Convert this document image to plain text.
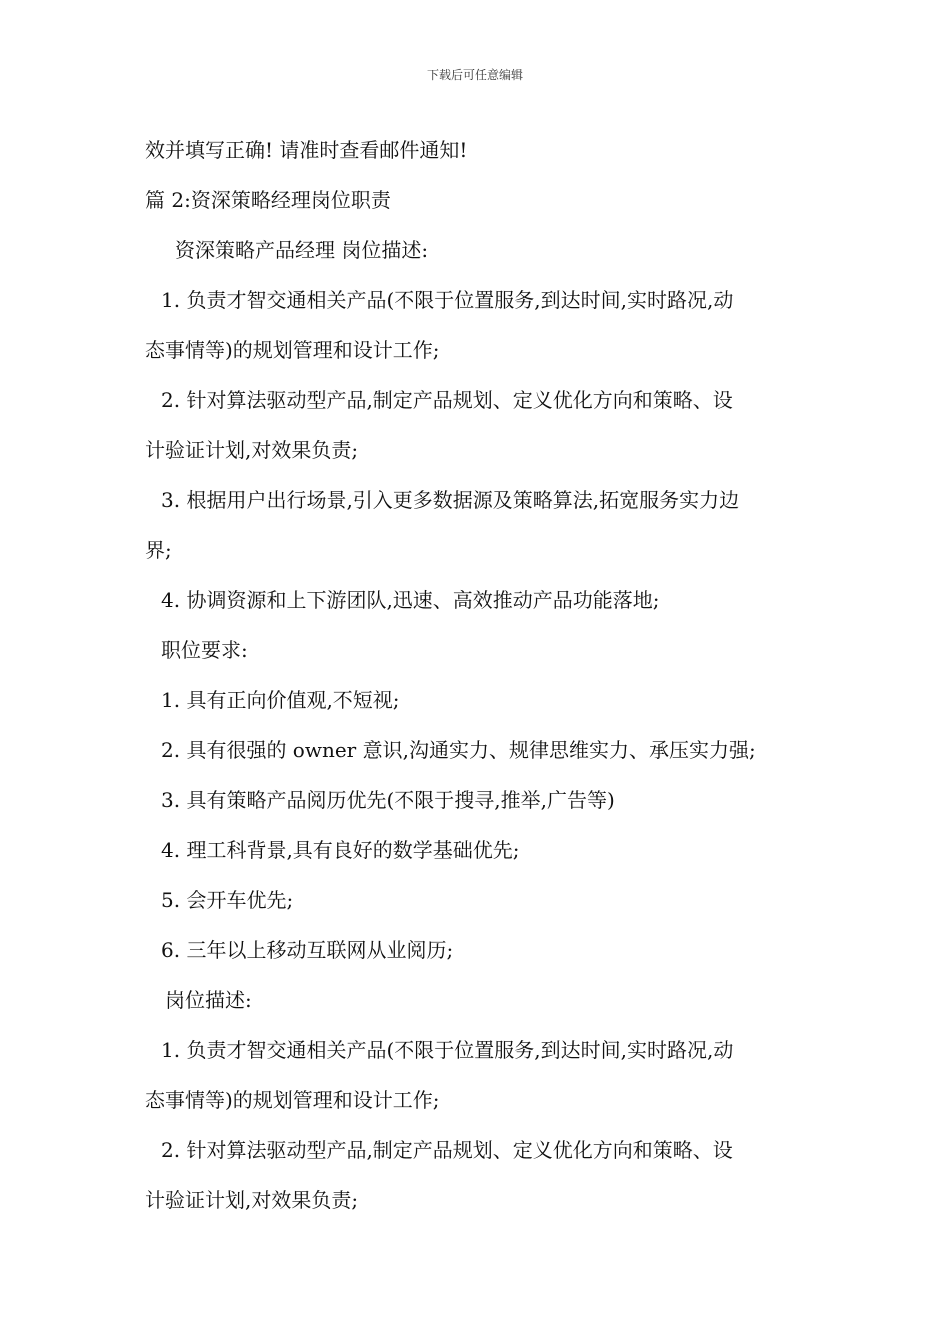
下载后可任意编辑
效并填写正确! 请准时查看邮件通知!
篇 2:资深策略经理岗位职责
资深策略产品经理 岗位描述:
1. 负责才智交通相关产品(不限于位置服务,到达时间,实时路况,动
态事情等)的规划管理和设计工作;
2. 针对算法驱动型产品,制定产品规划、定义优化方向和策略、设
计验证计划,对效果负责;
3. 根据用户出行场景,引入更多数据源及策略算法,拓宽服务实力边
界;
4. 协调资源和上下游团队,迅速、高效推动产品功能落地;
职位要求:
1. 具有正向价值观,不短视;
2. 具有很强的 owner 意识,沟通实力、规律思维实力、承压实力强;
3. 具有策略产品阅历优先(不限于搜寻,推举,广告等)
4. 理工科背景,具有良好的数学基础优先;
5. 会开车优先;
6. 三年以上移动互联网从业阅历;
岗位描述:
1. 负责才智交通相关产品(不限于位置服务,到达时间,实时路况,动
态事情等)的规划管理和设计工作;
2. 针对算法驱动型产品,制定产品规划、定义优化方向和策略、设
计验证计划,对效果负责;
